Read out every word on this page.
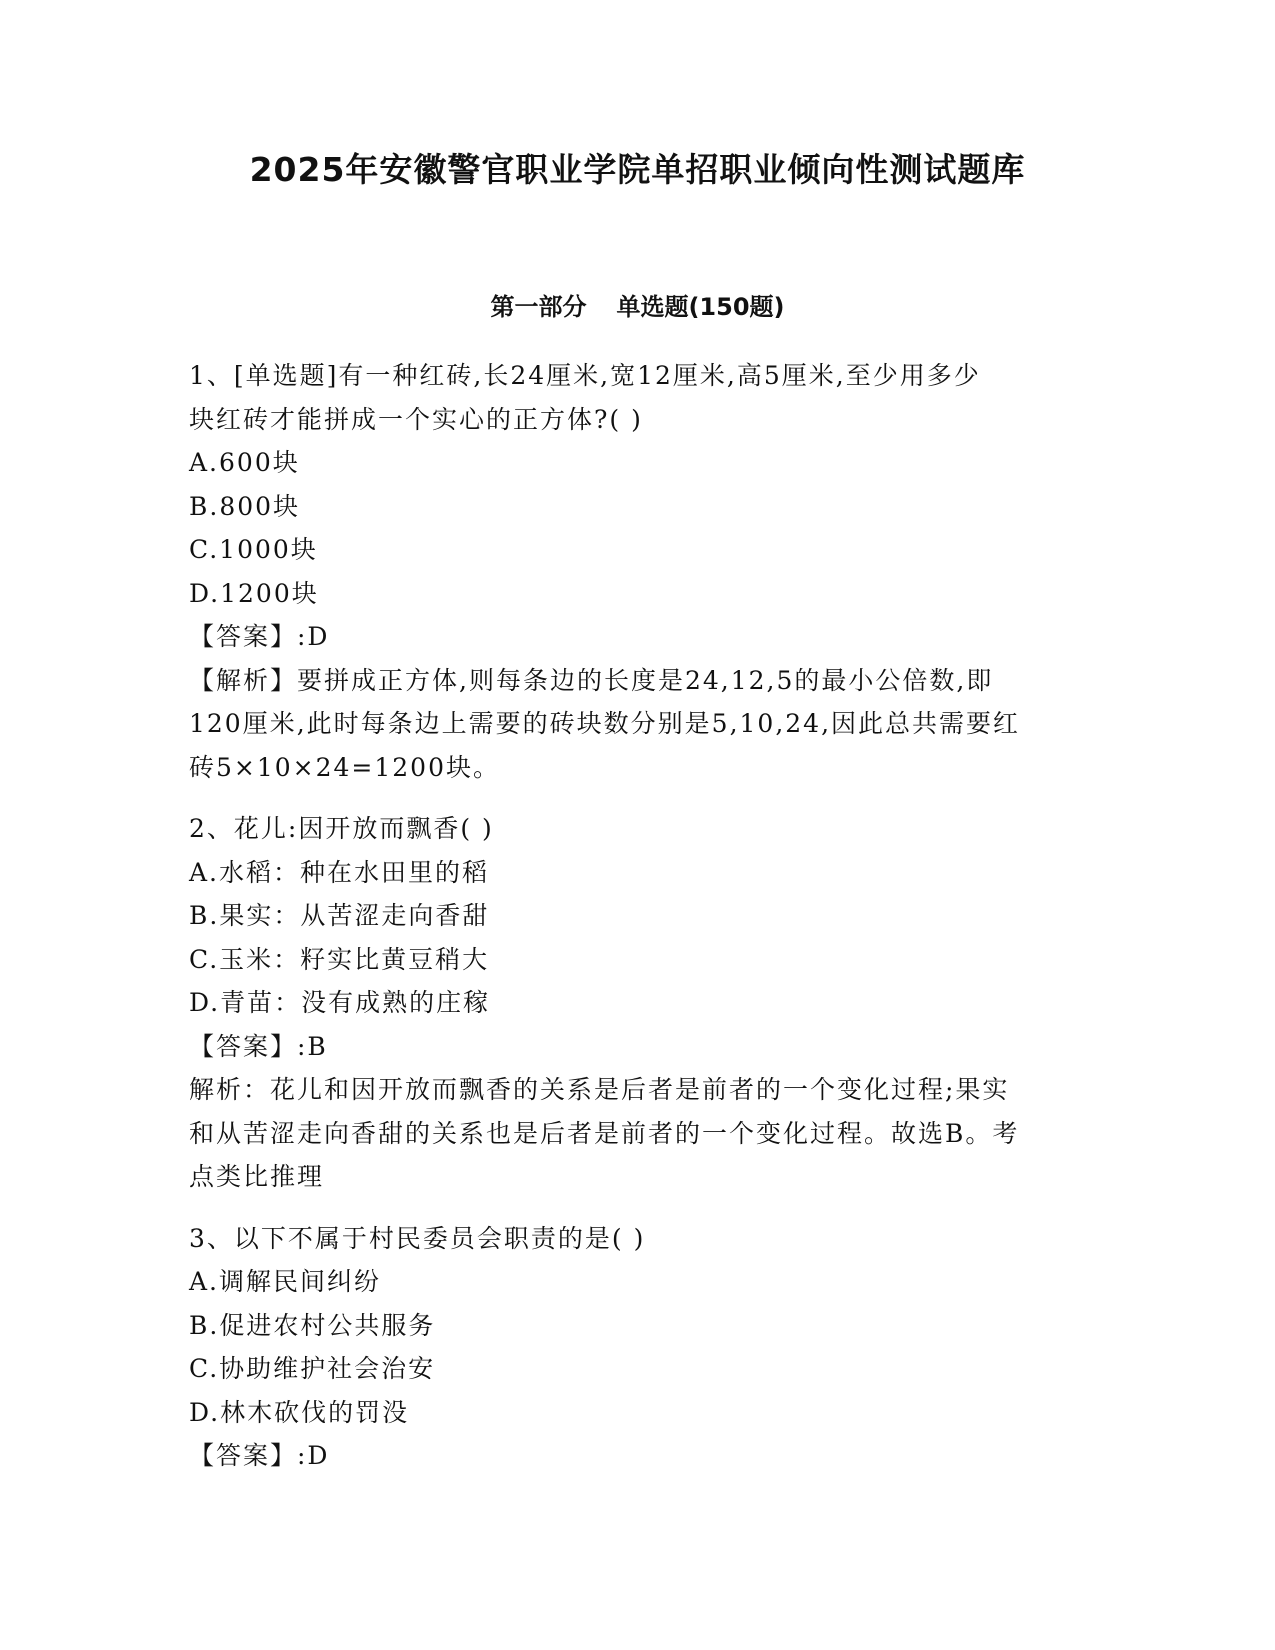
2025年安徽警官职业学院单招职业倾向性测试题库
第一部分 单选题(150题)

1、[单选题]有一种红砖,长24厘米,宽12厘米,高5厘米,至少用多少

块红砖才能拼成一个实心的正方体?( )

A.600块

B.800块

C.1000块

D.1200块

【答案】:D

【解析】要拼成正方体,则每条边的长度是24,12,5的最小公倍数,即

120厘米,此时每条边上需要的砖块数分别是5,10,24,因此总共需要红

砖5×10×24=1200块。

2、花儿:因开放而飘香( )

A.水稻：种在水田里的稻

B.果实：从苦涩走向香甜

C.玉米：籽实比黄豆稍大

D.青苗：没有成熟的庄稼

【答案】:B

解析：花儿和因开放而飘香的关系是后者是前者的一个变化过程;果实

和从苦涩走向香甜的关系也是后者是前者的一个变化过程。故选B。考

点类比推理

3、以下不属于村民委员会职责的是( )

A.调解民间纠纷

B.促进农村公共服务

C.协助维护社会治安

D.林木砍伐的罚没

【答案】:D
